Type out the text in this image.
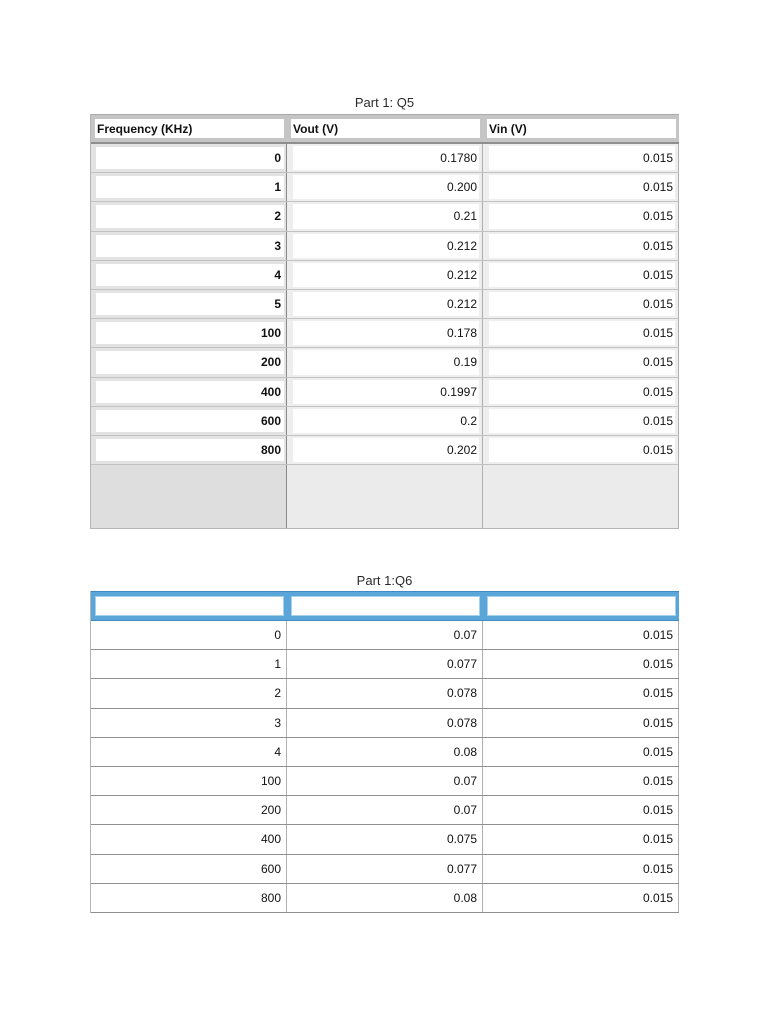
Part 1: Q5
Frequency (KHz)	Vout (V)	Vin (V)
0	0.1780	0.015
1	0.200	0.015
2	0.21	0.015
3	0.212	0.015
4	0.212	0.015
5	0.212	0.015
100	0.178	0.015
200	0.19	0.015
400	0.1997	0.015
600	0.2	0.015
800	0.202	0.015
Part 1:Q6
0	0.07	0.015
1	0.077	0.015
2	0.078	0.015
3	0.078	0.015
4	0.08	0.015
100	0.07	0.015
200	0.07	0.015
400	0.075	0.015
600	0.077	0.015
800	0.08	0.015
